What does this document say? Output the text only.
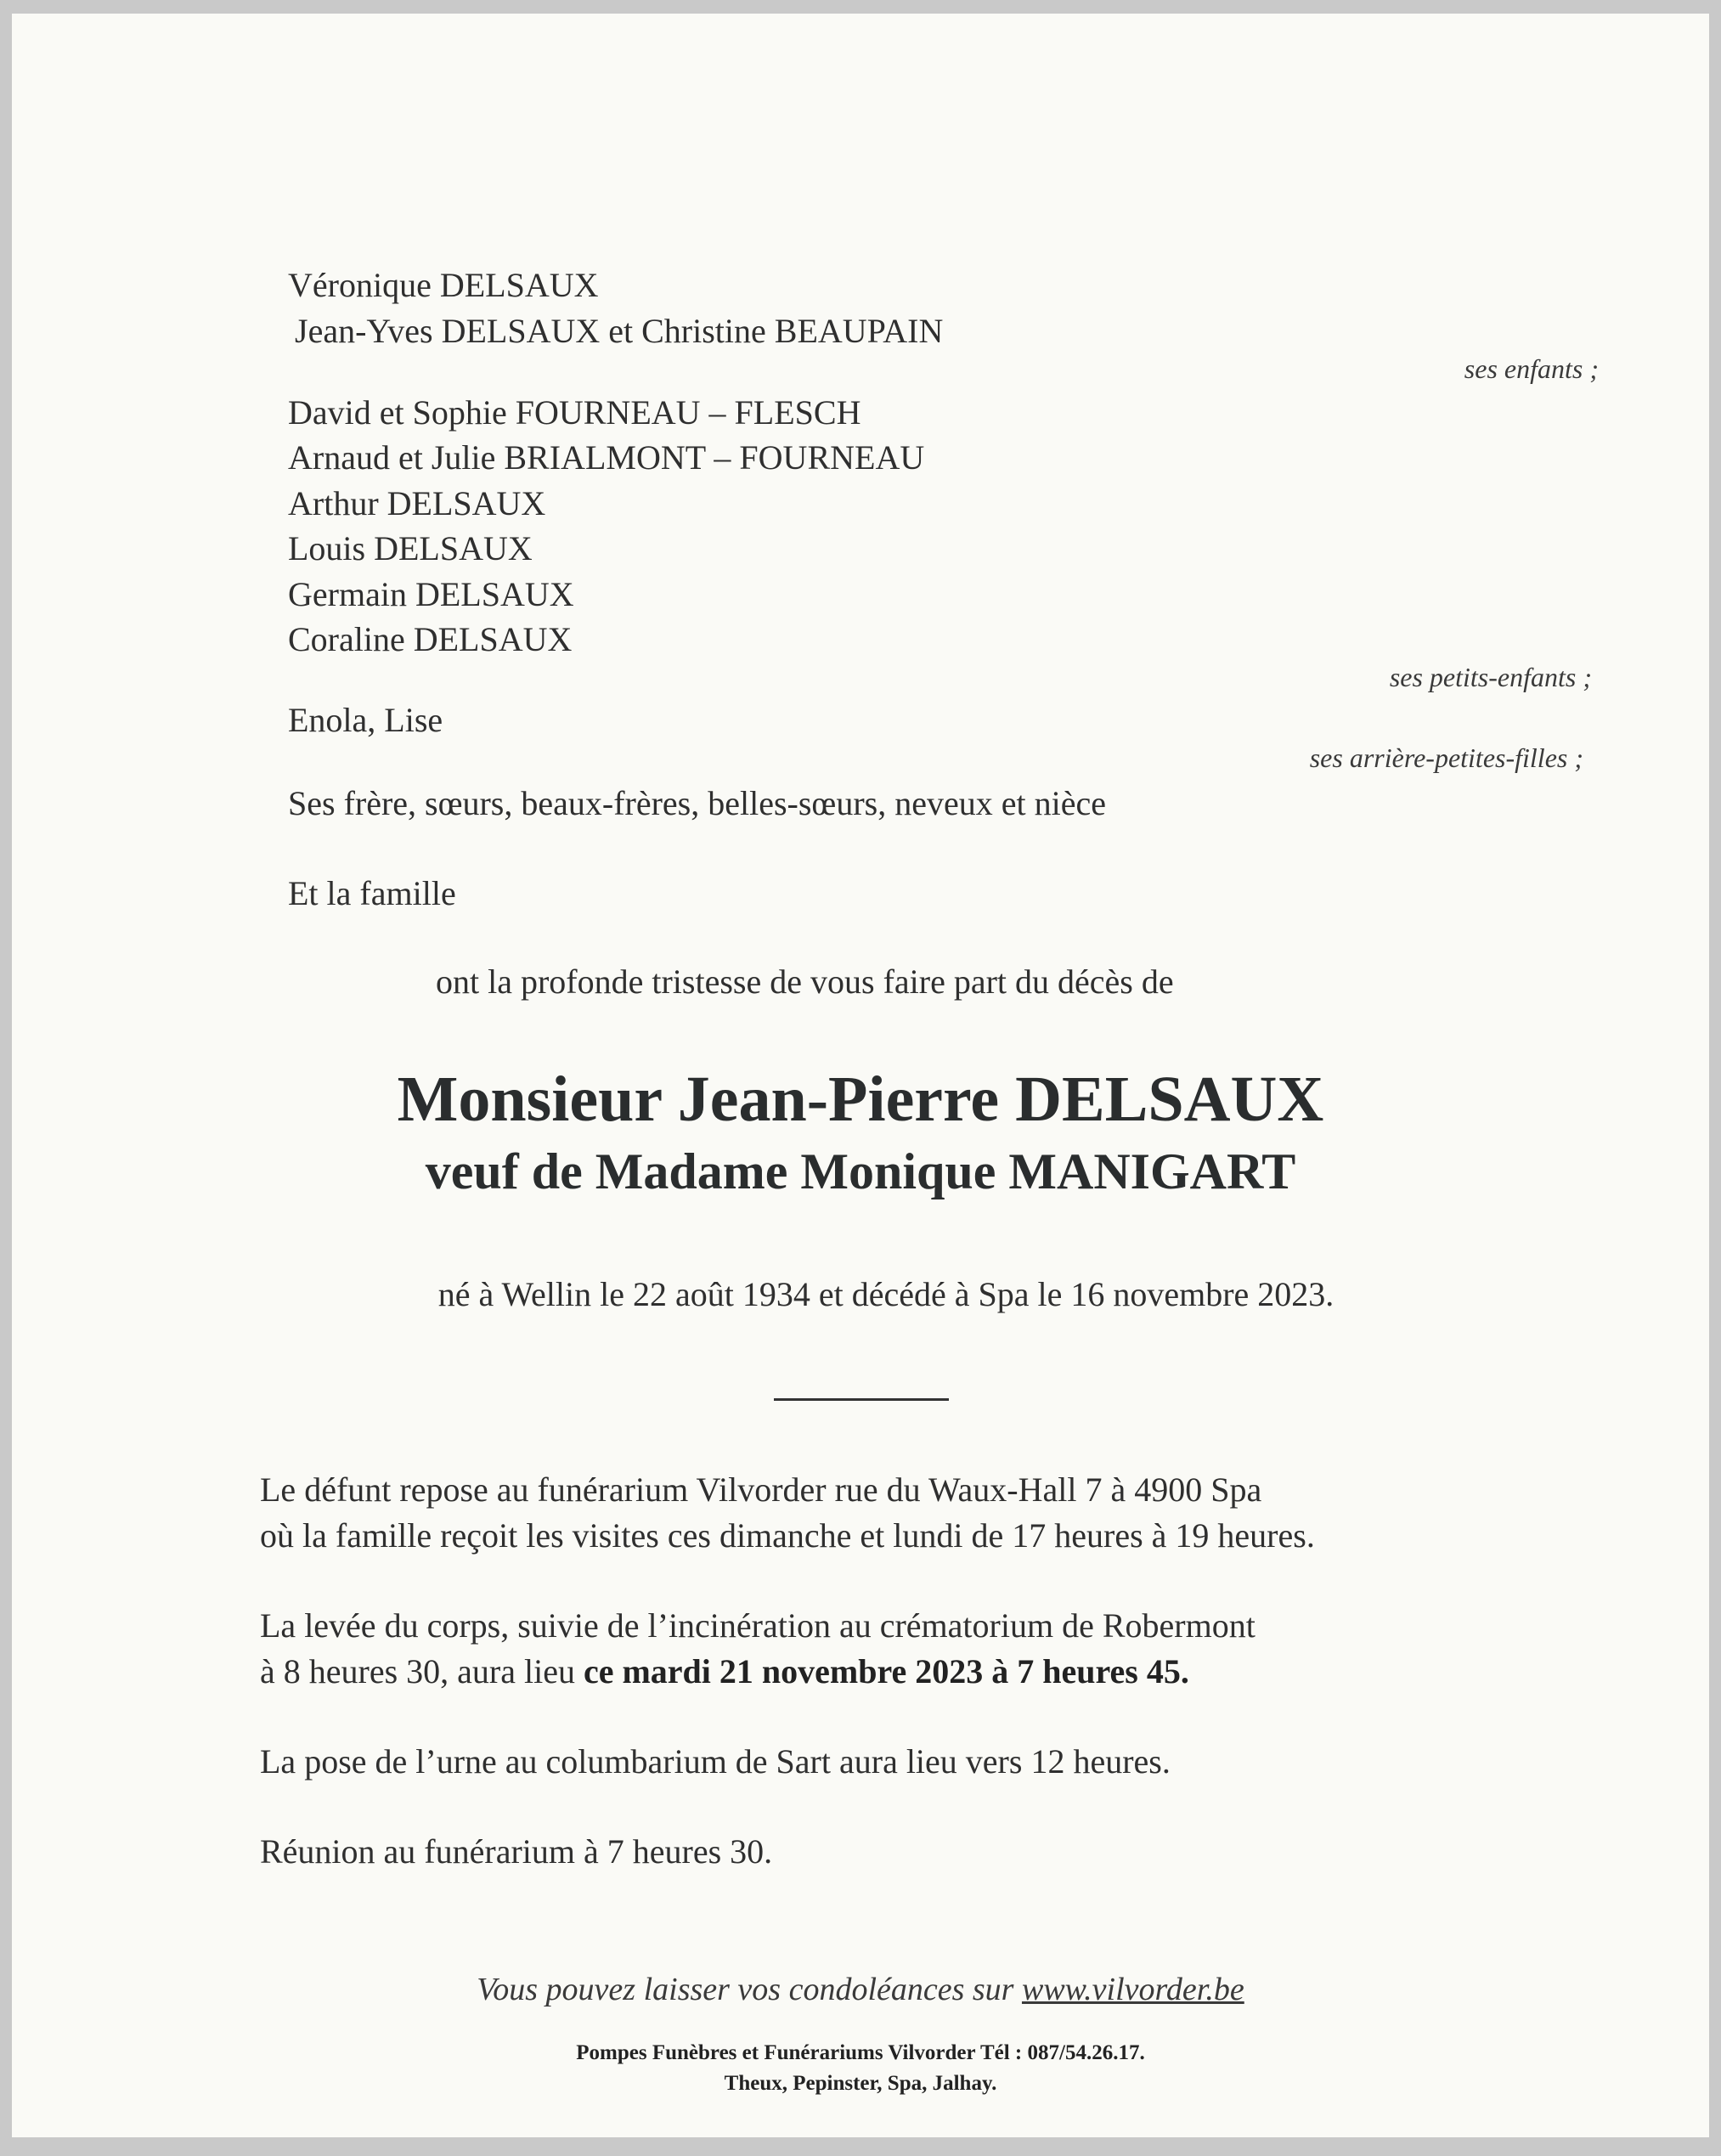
Véronique DELSAUX

Jean-Yves DELSAUX et Christine BEAUPAIN

ses enfants ;

David et Sophie FOURNEAU – FLESCH

Arnaud et Julie BRIALMONT – FOURNEAU

Arthur DELSAUX

Louis DELSAUX

Germain DELSAUX

Coraline DELSAUX

ses petits-enfants ;

Enola, Lise

ses arrière-petites-filles ;

Ses frère, sœurs, beaux-frères, belles-sœurs, neveux et nièce

Et la famille

ont la profonde tristesse de vous faire part du décès de

Monsieur Jean-Pierre DELSAUX

veuf de Madame Monique MANIGART

né à Wellin le 22 août 1934 et décédé à Spa le 16 novembre 2023.

Le défunt repose au funérarium Vilvorder rue du Waux-Hall 7 à 4900 Spa

où la famille reçoit les visites ces dimanche et lundi de 17 heures à 19 heures.

La levée du corps, suivie de l’incinération au crématorium de Robermont

à 8 heures 30, aura lieu ce mardi 21 novembre 2023 à 7 heures 45.

La pose de l’urne au columbarium de Sart aura lieu vers 12 heures.

Réunion au funérarium à 7 heures 30.

Vous pouvez laisser vos condoléances sur www.vilvorder.be

Pompes Funèbres et Funérariums Vilvorder Tél : 087/54.26.17.

Theux, Pepinster, Spa, Jalhay.
